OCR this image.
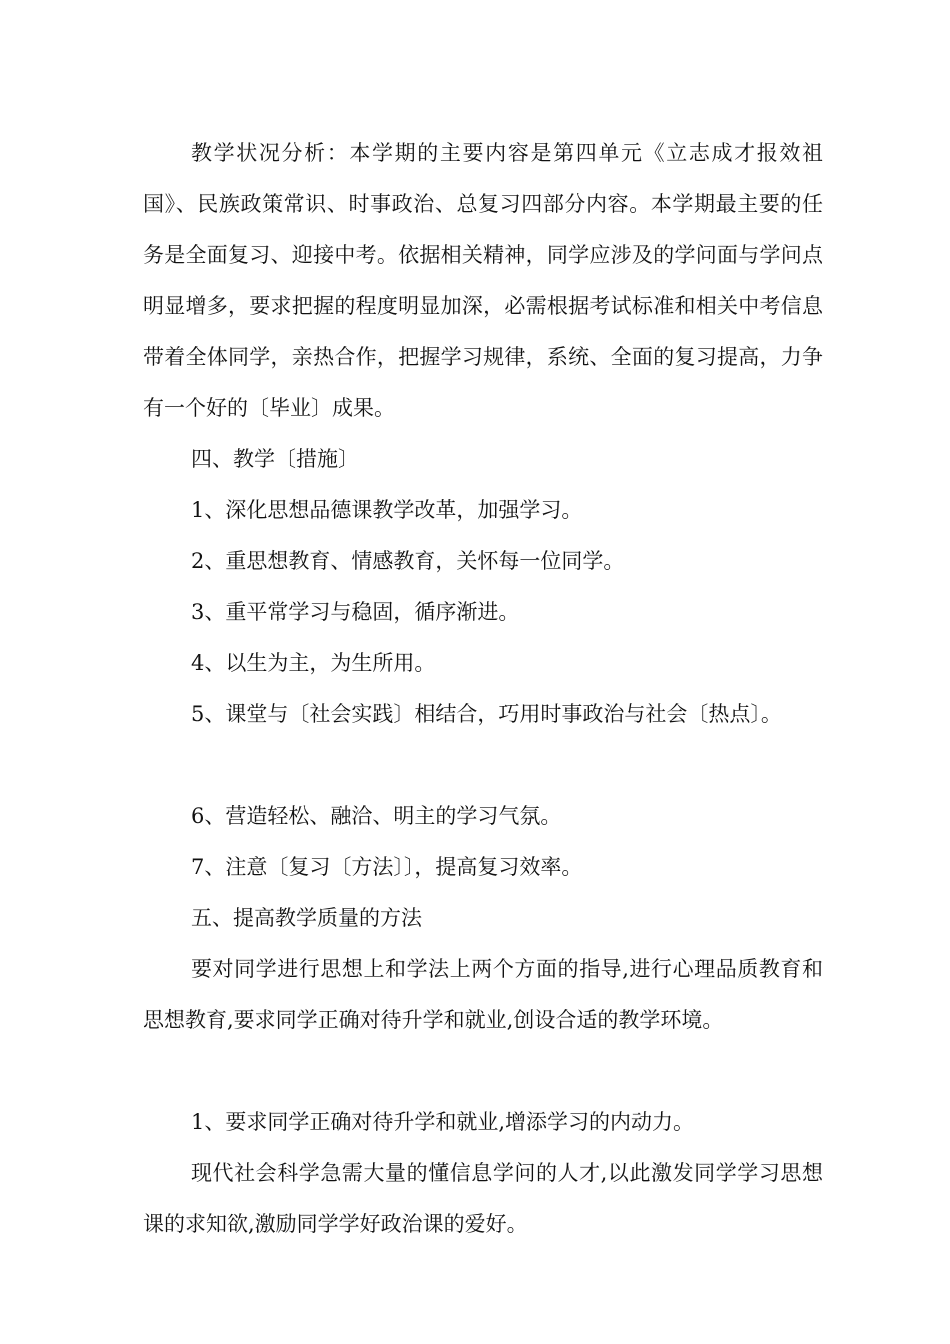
教学状况分析：本学期的主要内容是第四单元《立志成才报效祖国》、民族政策常识、时事政治、总复习四部分内容。本学期最主要的任务是全面复习、迎接中考。依据相关精神，同学应涉及的学问面与学问点明显增多，要求把握的程度明显加深，必需根据考试标准和相关中考信息带着全体同学，亲热合作，把握学习规律，系统、全面的复习提高，力争有一个好的〔毕业〕成果。

四、教学〔措施〕

1、深化思想品德课教学改革，加强学习。

2、重思想教育、情感教育，关怀每一位同学。

3、重平常学习与稳固，循序渐进。

4、以生为主，为生所用。

5、课堂与〔社会实践〕相结合，巧用时事政治与社会〔热点〕。

6、营造轻松、融洽、明主的学习气氛。

7、注意〔复习〔方法〕〕，提高复习效率。

五、提高教学质量的方法

要对同学进行思想上和学法上两个方面的指导,进行心理品质教育和思想教育,要求同学正确对待升学和就业,创设合适的教学环境。

1、要求同学正确对待升学和就业,增添学习的内动力。

现代社会科学急需大量的懂信息学问的人才,以此激发同学学习思想课的求知欲,激励同学学好政治课的爱好。
